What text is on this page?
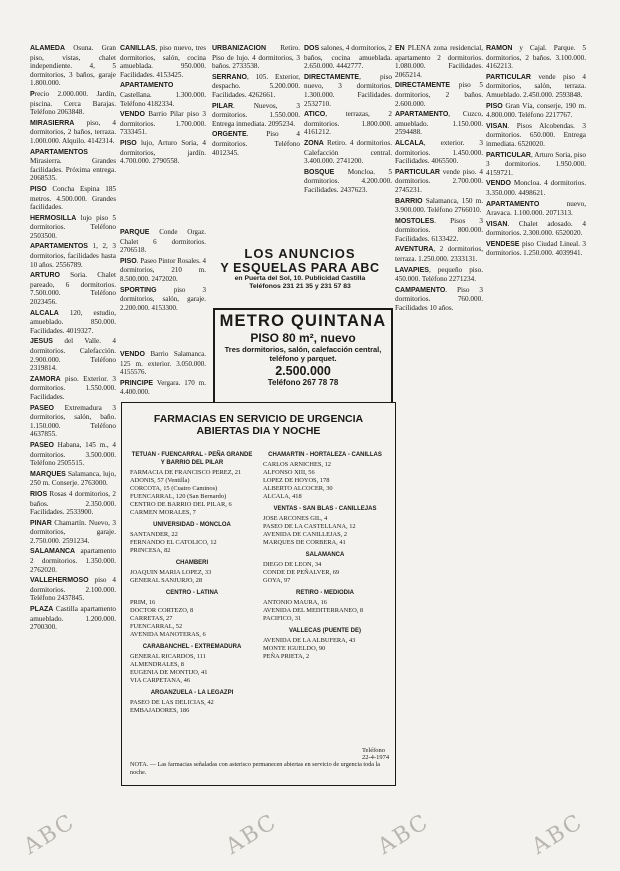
ALAMEDA Osuna. Gran piso, vistas, chalet independiente. 4, 5 dormitorios, 3 baños, garaje 1.800.000.

Precio 2.000.000. Jardín, piscina. Cerca Barajas. Teléfono 2063848.

MIRASIERRA piso, 4 dormitorios, 2 baños, terraza. 1.000.000. Alquilo. 4142314.

APARTAMENTOS Mirasierra. Grandes facilidades. Próxima entrega. 2068535.

PISO Concha Espina 185 metros. 4.500.000. Grandes facilidades.

HERMOSILLA lujo piso 5 dormitorios. Teléfono 2503500.

APARTAMENTOS 1, 2, 3 dormitorios, facilidades hasta 10 años. 2556789.

ARTURO Soria. Chalet pareado, 6 dormitorios. 7.500.000. Teléfono 2023456.

ALCALA 120, estudio, amueblado. 850.000. Facilidades. 4019327.

JESUS del Valle. 4 dormitorios. Calefacción. 2.900.000. Teléfono 2319814.

ZAMORA piso. Exterior. 3 dormitorios. 1.550.000. Facilidades.

PASEO Extremadura 3 dormitorios, salón, baño. 1.150.000. Teléfono 4637855.

PASEO Habana, 145 m., 4 dormitorios. 3.500.000. Teléfono 2505515.

MARQUES Salamanca, lujo, 250 m. Conserje. 2763000.

RIOS Rosas 4 dormitorios, 2 baños. 2.350.000. Facilidades. 2533900.

PINAR Chamartín. Nuevo, 3 dormitorios, garaje. 2.750.000. 2591234.

SALAMANCA apartamento 2 dormitorios. 1.350.000. 2762020.

VALLEHERMOSO piso 4 dormitorios. 2.100.000. Teléfono 2437845.

PLAZA Castilla apartamento amueblado. 1.200.000. 2700300.

CANILLAS, piso nuevo, tres dormitorios, salón, cocina amueblada. 950.000. Facilidades. 4153425.

APARTAMENTO Castellana. 1.300.000. Teléfono 4182334.

VENDO Barrio Pilar piso 3 dormitorios. 1.700.000. 7333451.

PISO lujo, Arturo Soria, 4 dormitorios, jardín. 4.700.000. 2790558.

PARQUE Conde Orgaz. Chalet 6 dormitorios. 2706518.

PISO. Paseo Pintor Rosales. 4 dormitorios, 210 m. 8.500.000. 2472020.

SPORTING piso 3 dormitorios, salón, garaje. 2.200.000. 4153300.

VENDO Barrio Salamanca. 125 m. exterior. 3.050.000. 4155576.

PRINCIPE Vergara. 170 m. 4.400.000.

URBANIZACION Retiro. Piso de lujo. 4 dormitorios, 3 baños. 2733538.

SERRANO, 105. Exterior, despacho. 5.200.000. Facilidades. 4262661.

PILAR. Nuevos, 3 dormitorios. 1.550.000. Entrega inmediata. 2095234.

ORGENTE. Piso 4 dormitorios. Teléfono 4012345.

DOS salones, 4 dormitorios, 2 baños, cocina amueblada. 2.650.000. 4442777.

DIRECTAMENTE, piso nuevo, 3 dormitorios. 1.300.000. Facilidades. 2532710.

ATICO, terrazas, 2 dormitorios. 1.800.000. 4161212.

ZONA Retiro. 4 dormitorios. Calefacción central. 3.400.000. 2741200.

BOSQUE Moncloa. 5 dormitorios. 4.200.000. Facilidades. 2437623.

EN PLENA zona residencial, apartamento 2 dormitorios. 1.080.000. Facilidades. 2065214.

DIRECTAMENTE piso 5 dormitorios, 2 baños. 2.600.000.

APARTAMENTO, Cuzco, amueblado. 1.150.000. 2594488.

ALCALA, exterior. 3 dormitorios. 1.450.000. Facilidades. 4065500.

PARTICULAR vende piso. 4 dormitorios. 2.700.000. 2745231.

BARRIO Salamanca, 150 m. 3.900.000. Teléfono 2766010.

MOSTOLES. Pisos 3 dormitorios. 800.000. Facilidades. 6133422.

AVENTURA, 2 dormitorios, terraza. 1.250.000. 2333131.

LAVAPIES, pequeño piso. 450.000. Teléfono 2271234.

CAMPAMENTO. Piso 3 dormitorios. 760.000. Facilidades 10 años.

RAMON y Cajal. Parque. 5 dormitorios, 2 baños. 3.100.000. 4162213.

PARTICULAR vende piso 4 dormitorios, salón, terraza. Amueblado. 2.450.000. 2593848.

PISO Gran Vía, conserje, 190 m. 4.800.000. Teléfono 2217767.

VISAN. Pisos Alcobendas. 3 dormitorios. 650.000. Entrega inmediata. 6520020.

PARTICULAR, Arturo Soria, piso 3 dormitorios. 1.950.000. 4159721.

VENDO Moncloa. 4 dormitorios. 3.350.000. 4498621.

APARTAMENTO nuevo, Aravaca. 1.100.000. 2071313.

VISAN. Chalet adosado. 4 dormitorios. 2.300.000. 6520020.

VENDESE piso Ciudad Lineal. 3 dormitorios. 1.250.000. 4039941.

LOS ANUNCIOS
Y ESQUELAS PARA ABC
en Puerta del Sol, 10. Publicidad Castilla
Teléfonos 231 21 35 y 231 57 83
METRO QUINTANA
PISO 80 m², nuevo
Tres dormitorios, salón, calefacción central, teléfono y parquet.
2.500.000
Teléfono 267 78 78
FARMACIAS EN SERVICIO DE URGENCIA
ABIERTAS DIA Y NOCHE
TETUAN - FUENCARRAL - PEÑA GRANDE Y BARRIO DEL PILAR
FARMACIA DE FRANCISCO PEREZ, 21
ADONIS, 57 (Ventilla)
CORCOTA, 15 (Cuatro Caminos)
FUENCARRAL, 120 (San Bernardo)
CENTRO DE BARRIO DEL PILAR, 6
CARMEN MORALES, 7
UNIVERSIDAD - MONCLOA
SANTANDER, 22
FERNANDO EL CATOLICO, 12
PRINCESA, 82
CHAMBERI
JOAQUIN MARIA LOPEZ, 33
GENERAL SANJURJO, 28
CENTRO - LATINA
PRIM, 16
DOCTOR CORTEZO, 8
CARRETAS, 27
FUENCARRAL, 52
AVENIDA MANOTERAS, 6
CARABANCHEL - EXTREMADURA
GENERAL RICARDOS, 111
ALMENDRALES, 8
EUGENIA DE MONTIJO, 41
VIA CARPETANA, 46
ARGANZUELA - LA LEGAZPI
PASEO DE LAS DELICIAS, 42
EMBAJADORES, 186
CHAMARTIN - HORTALEZA - CANILLAS
CARLOS ARNICHES, 12
ALFONSO XIII, 56
LOPEZ DE HOYOS, 178
ALBERTO ALCOCER, 30
ALCALA, 418
VENTAS - SAN BLAS - CANILLEJAS
JOSE ARCONES GIL, 4
PASEO DE LA CASTELLANA, 12
AVENIDA DE CANILLEJAS, 2
MARQUES DE CORBERA, 41
SALAMANCA
DIEGO DE LEON, 34
CONDE DE PEÑALVER, 69
GOYA, 97
RETIRO - MEDIODIA
ANTONIO MAURA, 16
AVENIDA DEL MEDITERRANEO, 8
PACIFICO, 31
VALLECAS (PUENTE DE)
AVENIDA DE LA ALBUFERA, 43
MONTE IGUELDO, 90
PEÑA PRIETA, 2
Teléfono 22-4-1974
NOTA. — Las farmacias señaladas con asterisco permanecen abiertas en servicio de urgencia toda la noche.
ABC	ABC	ABC	ABC
